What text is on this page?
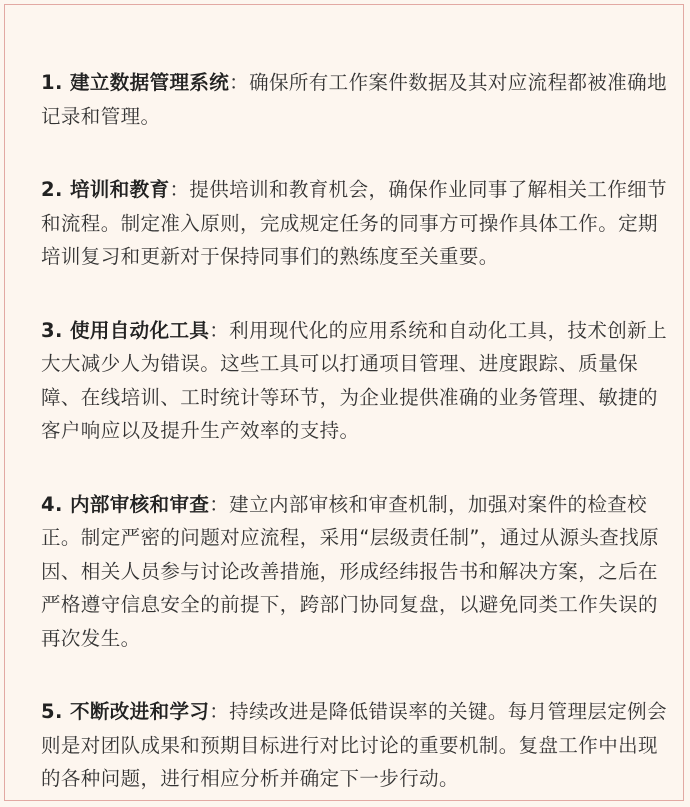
1. 建立数据管理系统：确保所有工作案件数据及其对应流程都被准确地记录和管理。

2. 培训和教育：提供培训和教育机会，确保作业同事了解相关工作细节和流程。制定准入原则，完成规定任务的同事方可操作具体工作。定期培训复习和更新对于保持同事们的熟练度至关重要。

3. 使用自动化工具：利用现代化的应用系统和自动化工具，技术创新上大大减少人为错误。这些工具可以打通项目管理、进度跟踪、质量保障、在线培训、工时统计等环节，为企业提供准确的业务管理、敏捷的客户响应以及提升生产效率的支持。

4. 内部审核和审查：建立内部审核和审查机制，加强对案件的检查校正。制定严密的问题对应流程，采用“层级责任制”，通过从源头查找原因、相关人员参与讨论改善措施，形成经纬报告书和解决方案，之后在严格遵守信息安全的前提下，跨部门协同复盘，以避免同类工作失误的再次发生。

5. 不断改进和学习：持续改进是降低错误率的关键。每月管理层定例会则是对团队成果和预期目标进行对比讨论的重要机制。复盘工作中出现的各种问题，进行相应分析并确定下一步行动。
